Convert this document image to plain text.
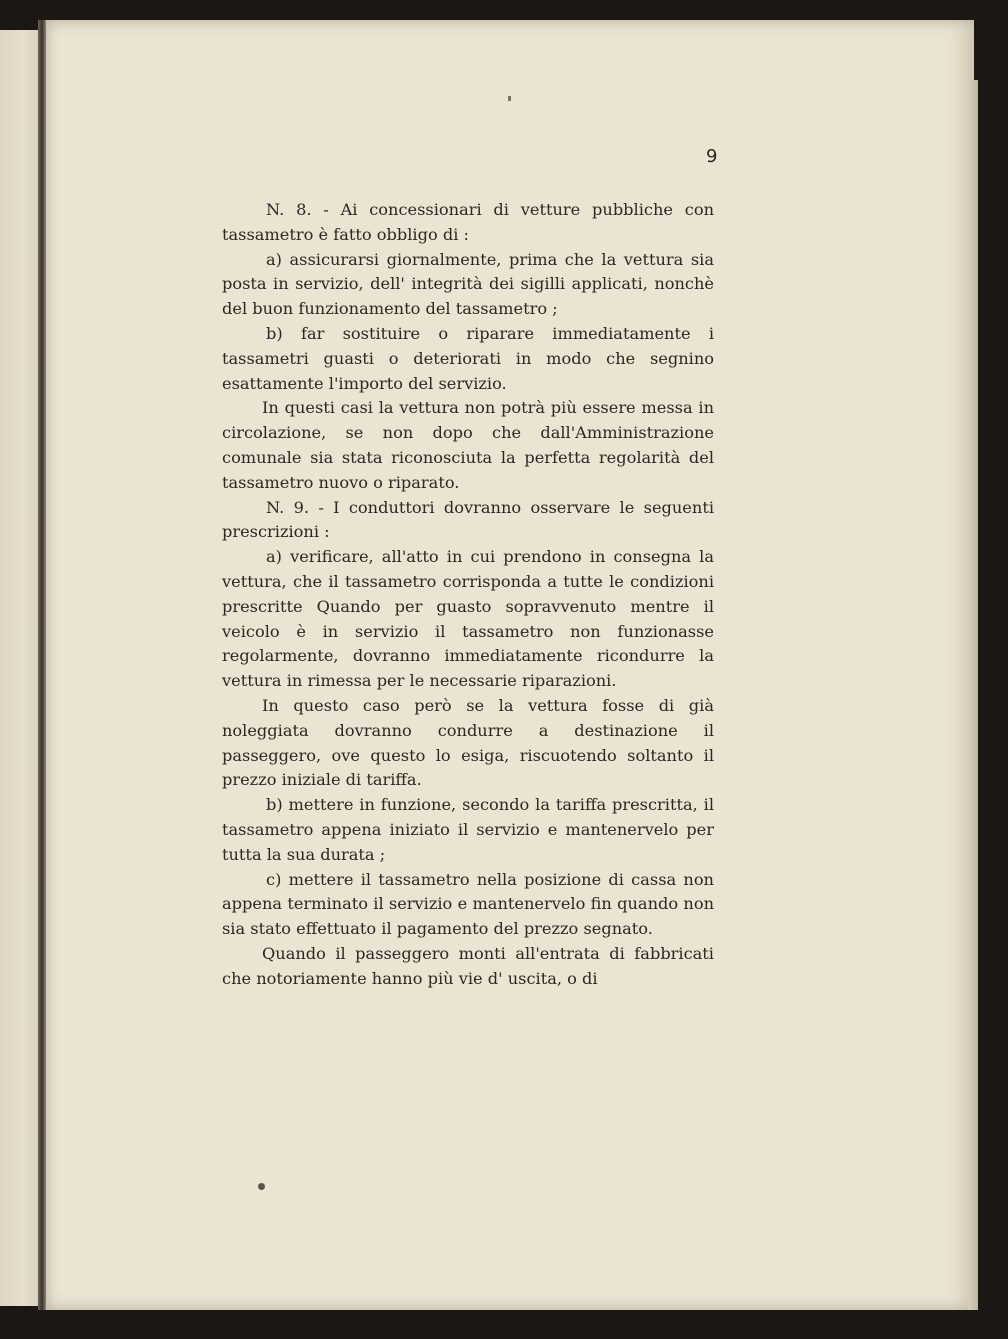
9

N. 8. - Ai concessionari di vetture pubbliche con tassametro è fatto obbligo di :

a) assicurarsi giornalmente, prima che la vettura sia posta in servizio, dell' integrità dei sigilli applicati, nonchè del buon funzionamento del tassametro ;

b) far sostituire o riparare immediatamente i tassametri guasti o deteriorati in modo che segnino esattamente l'importo del servizio.

In questi casi la vettura non potrà più essere messa in circolazione, se non dopo che dall'Amministrazione comunale sia stata riconosciuta la perfetta regolarità del tassametro nuovo o riparato.

N. 9. - I conduttori dovranno osservare le seguenti prescrizioni :

a) verificare, all'atto in cui prendono in consegna la vettura, che il tassametro corrisponda a tutte le condizioni prescritte Quando per guasto sopravvenuto mentre il veicolo è in servizio il tassametro non funzionasse regolarmente, dovranno immediatamente ricondurre la vettura in rimessa per le necessarie riparazioni.

In questo caso però se la vettura fosse di già noleggiata dovranno condurre a destinazione il passeggero, ove questo lo esiga, riscuotendo soltanto il prezzo iniziale di tariffa.

b) mettere in funzione, secondo la tariffa prescritta, il tassametro appena iniziato il servizio e mantenervelo per tutta la sua durata ;

c) mettere il tassametro nella posizione di cassa non appena terminato il servizio e mantenervelo fin quando non sia stato effettuato il pagamento del prezzo segnato.

Quando il passeggero monti all'entrata di fabbricati che notoriamente hanno più vie d' uscita, o di
